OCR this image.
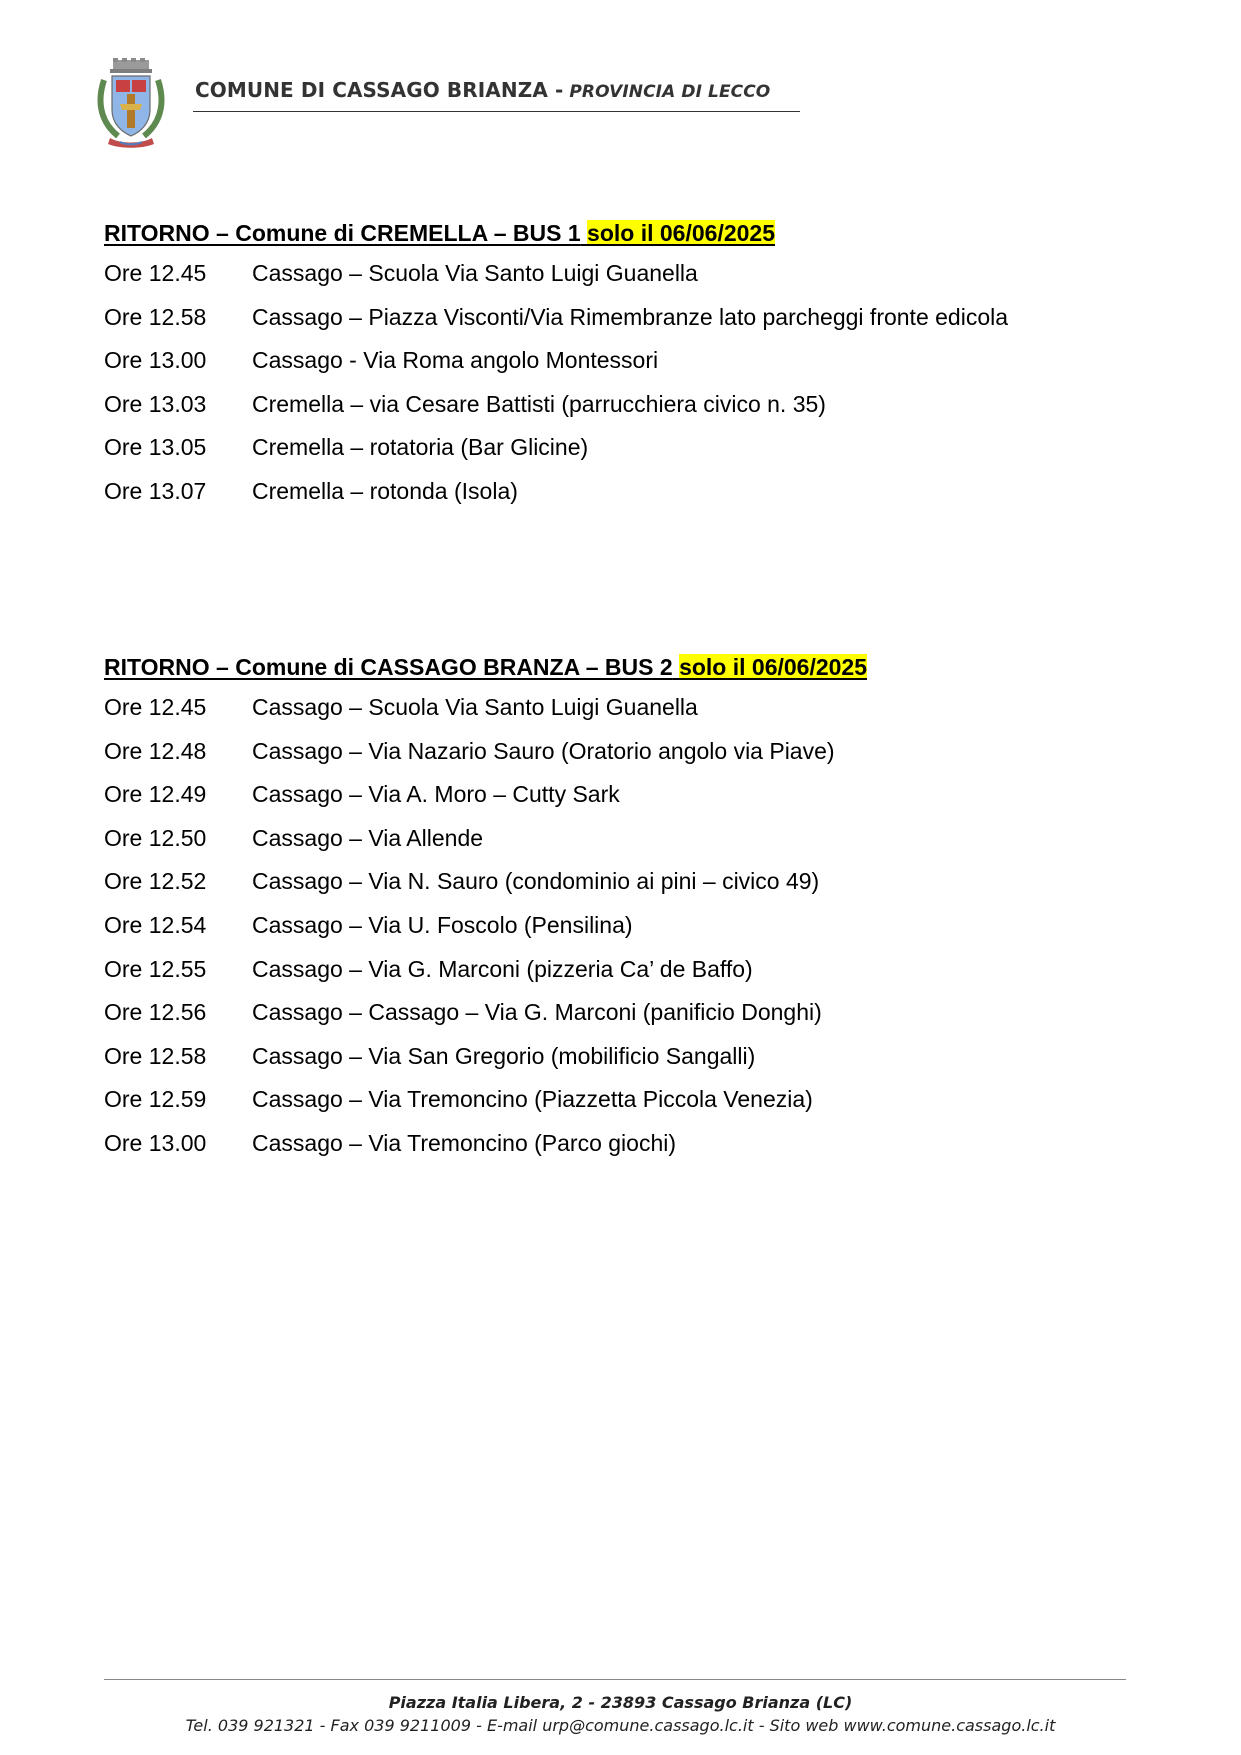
COMUNE DI CASSAGO BRIANZA - PROVINCIA DI LECCO
RITORNO – Comune di CREMELLA – BUS 1 solo il 06/06/2025
Ore 12.45	Cassago – Scuola Via Santo Luigi Guanella
Ore 12.58	Cassago – Piazza Visconti/Via Rimembranze lato parcheggi fronte edicola
Ore 13.00	Cassago - Via Roma angolo Montessori
Ore 13.03	Cremella – via Cesare Battisti (parrucchiera civico n. 35)
Ore 13.05	Cremella – rotatoria (Bar Glicine)
Ore 13.07	Cremella – rotonda (Isola)
RITORNO – Comune di CASSAGO BRANZA – BUS 2 solo il 06/06/2025
Ore 12.45	Cassago – Scuola Via Santo Luigi Guanella
Ore 12.48	Cassago – Via Nazario Sauro (Oratorio angolo via Piave)
Ore 12.49	Cassago – Via A. Moro – Cutty Sark
Ore 12.50	Cassago – Via Allende
Ore 12.52	Cassago – Via N. Sauro (condominio ai pini – civico 49)
Ore 12.54	Cassago – Via U. Foscolo (Pensilina)
Ore 12.55	Cassago – Via G. Marconi (pizzeria Ca’ de Baffo)
Ore 12.56	Cassago – Cassago – Via G. Marconi (panificio Donghi)
Ore 12.58	Cassago – Via San Gregorio (mobilificio Sangalli)
Ore 12.59	Cassago – Via Tremoncino (Piazzetta Piccola Venezia)
Ore 13.00	Cassago – Via Tremoncino (Parco giochi)
Piazza Italia Libera, 2 - 23893 Cassago Brianza (LC)
Tel. 039 921321 - Fax 039 9211009 - E-mail urp@comune.cassago.lc.it - Sito web www.comune.cassago.lc.it
